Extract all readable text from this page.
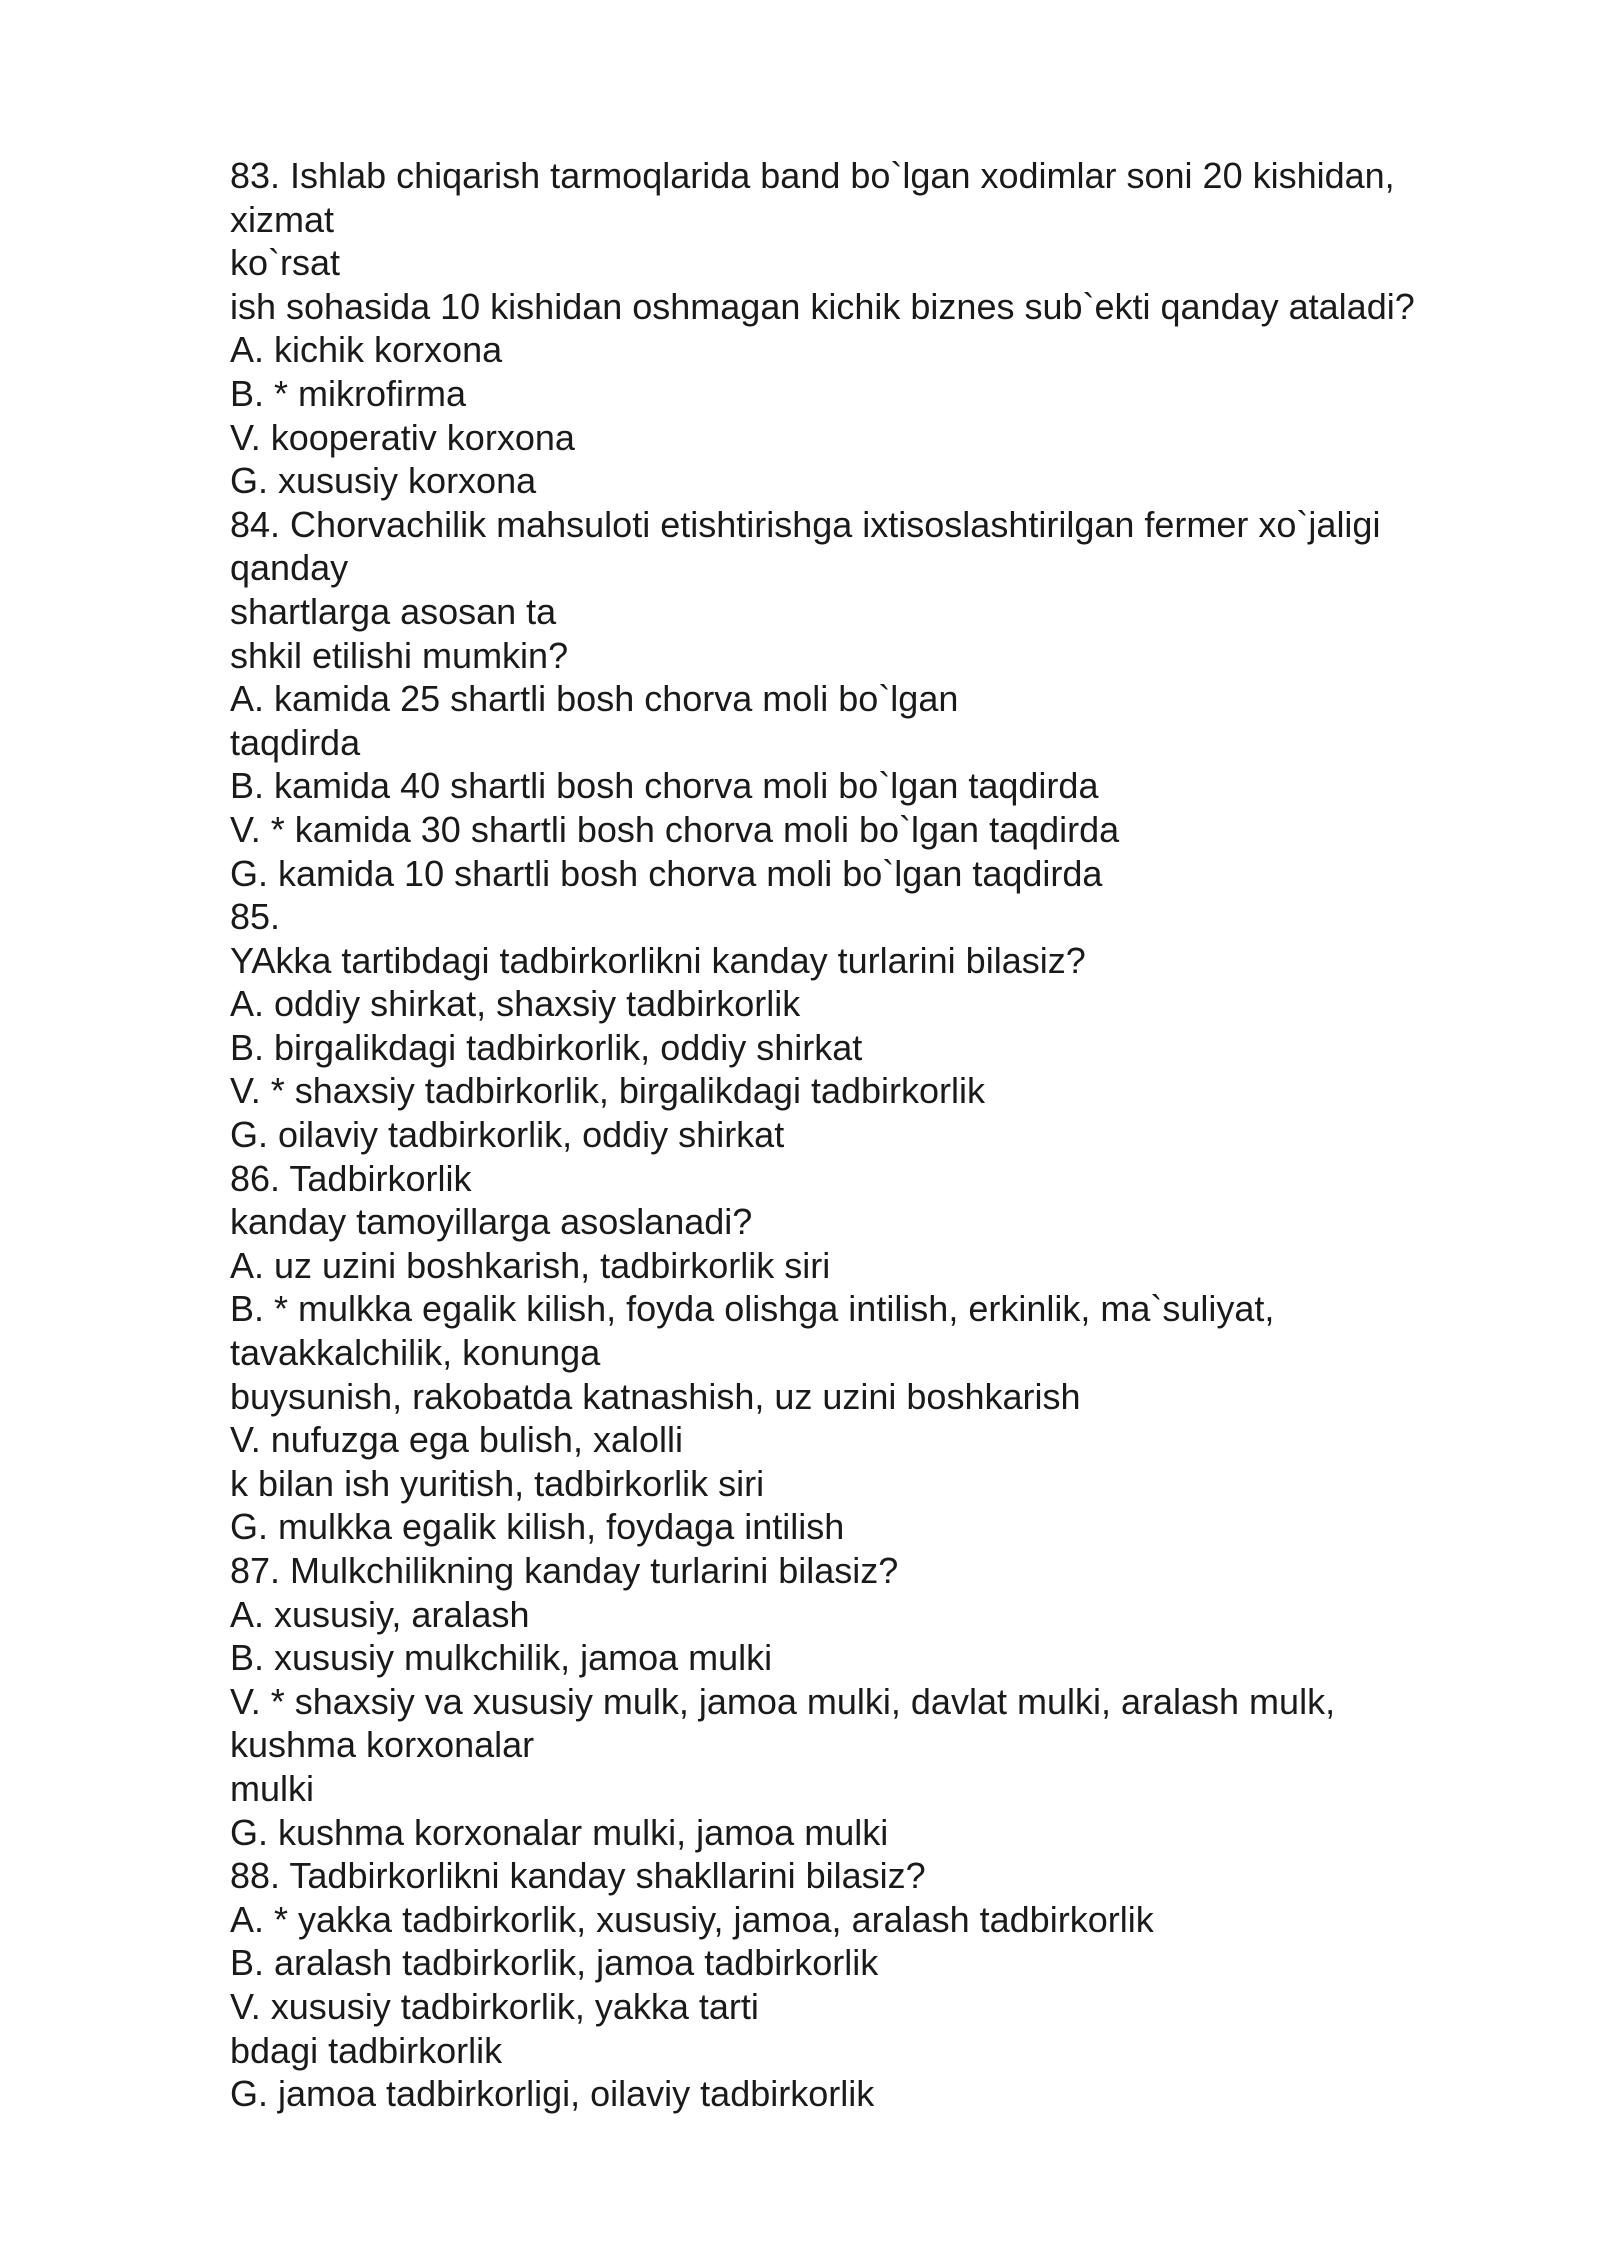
83. Ishlab chiqarish tarmoqlarida band bo`lgan xodimlar soni 20 kishidan,
xizmat
ko`rsat
ish sohasida 10 kishidan oshmagan kichik biznes sub`ekti qanday ataladi?
A. kichik korxona
B. * mikrofirma
V. kooperativ korxona
G. xususiy korxona
84. Chorvachilik mahsuloti etishtirishga ixtisoslashtirilgan fermer xo`jaligi
qanday
shartlarga asosan ta
shkil etilishi mumkin?
A. kamida 25 shartli bosh chorva moli bo`lgan
taqdirda
B. kamida 40 shartli bosh chorva moli bo`lgan taqdirda
V. * kamida 30 shartli bosh chorva moli bo`lgan taqdirda
G. kamida 10 shartli bosh chorva moli bo`lgan taqdirda
85.
YAkka tartibdagi tadbirkorlikni kanday turlarini bilasiz?
A. oddiy shirkat, shaxsiy tadbirkorlik
B. birgalikdagi tadbirkorlik, oddiy shirkat
V. * shaxsiy tadbirkorlik, birgalikdagi tadbirkorlik
G. oilaviy tadbirkorlik, oddiy shirkat
86. Tadbirkorlik
kanday tamoyillarga asoslanadi?
A. uz uzini boshkarish, tadbirkorlik siri
B. * mulkka egalik kilish, foyda olishga intilish, erkinlik, ma`suliyat,
tavakkalchilik, konunga
buysunish, rakobatda katnashish, uz uzini boshkarish
V. nufuzga ega bulish, xalolli
k bilan ish yuritish, tadbirkorlik siri
G. mulkka egalik kilish, foydaga intilish
87. Mulkchilikning kanday turlarini bilasiz?
A. xususiy, aralash
B. xususiy mulkchilik, jamoa mulki
V. * shaxsiy va xususiy mulk, jamoa mulki, davlat mulki, aralash mulk,
kushma korxonalar
mulki
G. kushma korxonalar mulki, jamoa mulki
88. Tadbirkorlikni kanday shakllarini bilasiz?
A. * yakka tadbirkorlik, xususiy, jamoa, aralash tadbirkorlik
B. aralash tadbirkorlik, jamoa tadbirkorlik
V. xususiy tadbirkorlik, yakka tarti
bdagi tadbirkorlik
G. jamoa tadbirkorligi, oilaviy tadbirkorlik
